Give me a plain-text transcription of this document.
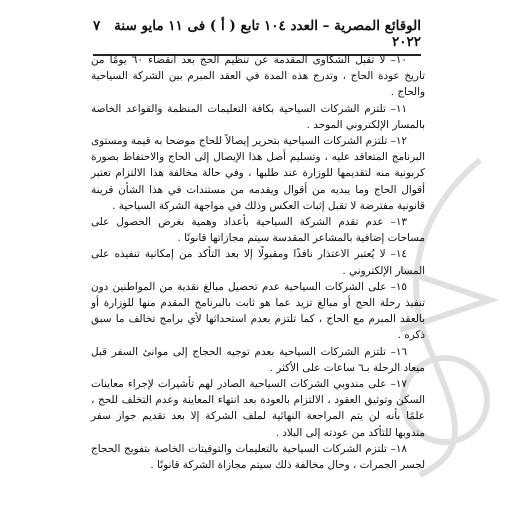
الوقائع المصرية – العدد ١٠٤ تابع ( أ ) فى ١١ مايو سنة ٢٠٢٢
٧

١٠– لا تقبل الشكاوى المقدمة عن تنظيم الحج بعد انقضاء ٦٠ يومًا من تاريخ عودة الحاج ، وتدرج هذه المدة في العقد المبرم بين الشركة السياحية والحاج .

١١– تلتزم الشركات السياحية بكافة التعليمات المنظمة والقواعد الخاصة بالمسار الإلكتروني الموحد .

١٢– تلتزم الشركات السياحية بتحرير إيصالاً للحاج موضحا به قيمة ومستوى البرنامج المتعاقد عليه ، وتسليم أصل هذا الإيصال إلى الحاج والاحتفاظ بصورة كربونية منه لتقديمها للوزارة عند طلبها ، وفي حالة مخالفة هذا الالتزام تعتبر أقوال الحاج وما يبديه من أقوال ويقدمه من مستندات في هذا الشأن قرينة قانونية مفترضة لا تقبل إثبات العكس وذلك في مواجهة الشركة السياحية .

١٣– عدم تقدم الشركة السياحية بأعداد وهمية بغرض الحصول على مساحات إضافية بالمشاعر المقدسة سيتم مجازاتها قانونًا .

١٤– لا يُعتبر الاعتذار نافذًا ومقبولًا إلا بعد التأكد من إمكانية تنفيذه على المسار الإلكتروني .

١٥– على الشركات السياحية عدم تحصيل مبالغ نقدية من المواطنين دون تنفيذ رحلة الحج أو مبالغ تزيد عما هو ثابت بالبرنامج المقدم منها للوزارة أو بالعقد المبرم مع الحاج ، كما تلتزم بعدم استحداثها لأي برامج تخالف ما سبق ذكره .

١٦– تلتزم الشركات السياحية بعدم توجيه الحجاج إلى موانئ السفر قبل ميعاد الرحلة بـ٦ ساعات على الأكثر .

١٧– على مندوبي الشركات السياحية الصادر لهم تأشيرات لإجراء معاينات السكن وتوثيق العقود ، الالتزام بالعودة بعد انتهاء المعاينة وعدم التخلف للحج ، علمًا بأنه لن يتم المراجعة النهائية لملف الشركة إلا بعد تقديم جواز سفر مندوبها للتأكد من عودته إلى البلاد .

١٨– تلتزم الشركات السياحية بالتعليمات والتوقيتات الخاصة بتفويج الحجاج لجسر الجمرات ، وحال مخالفة ذلك سيتم مجازاة الشركة قانونًا .
